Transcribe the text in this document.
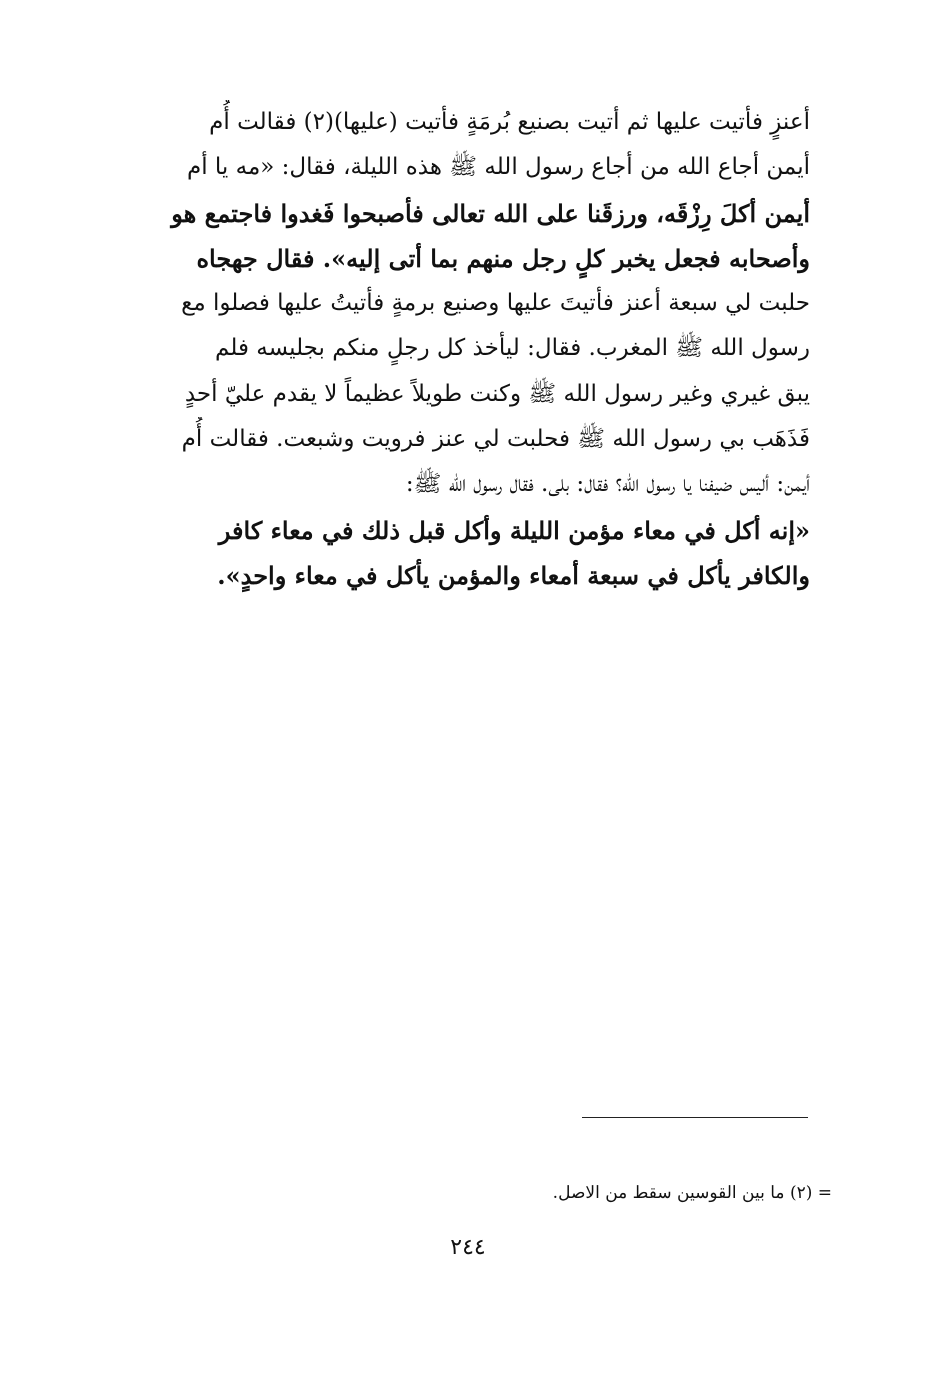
أعنزٍ فأتيت عليها ثم أتيت بصنيع بُرمَةٍ فأتيت (عليها)(٢) فقالت أُم
أيمن أجاع الله من أجاع رسول الله ﷺ هذه الليلة، فقال: «مه يا أم
أيمن أكلَ رِزْقَه، ورزقَنا على الله تعالى فأصبحوا فَغدوا فاجتمع هو
وأصحابه فجعل يخبر كلٍ رجل منهم بما أتى إليه». فقال جهجاه
حلبت لي سبعة أعنز فأتيتَ عليها وصنيع برمةٍ فأتيتُ عليها فصلوا مع
رسول الله ﷺ المغرب. فقال: ليأخذ كل رجلٍ منكم بجليسه فلم
يبق غيري وغير رسول الله ﷺ وكنت طويلاً عظيماً لا يقدم عليّ أحدٍ
فَذَهَب بي رسول الله ﷺ فحلبت لي عنز فرويت وشبعت. فقالت أُم
أيمن: أليس ضيفنا يا رسول الله؟ فقال: بلى. فقال رسول الله ﷺ:
«إنه أكل في معاء مؤمن الليلة وأكل قبل ذلك في معاء كافر
والكافر يأكل في سبعة أمعاء والمؤمن يأكل في معاء واحدٍ».
= (٢) ما بين القوسين سقط من الاصل.
٢٤٤
